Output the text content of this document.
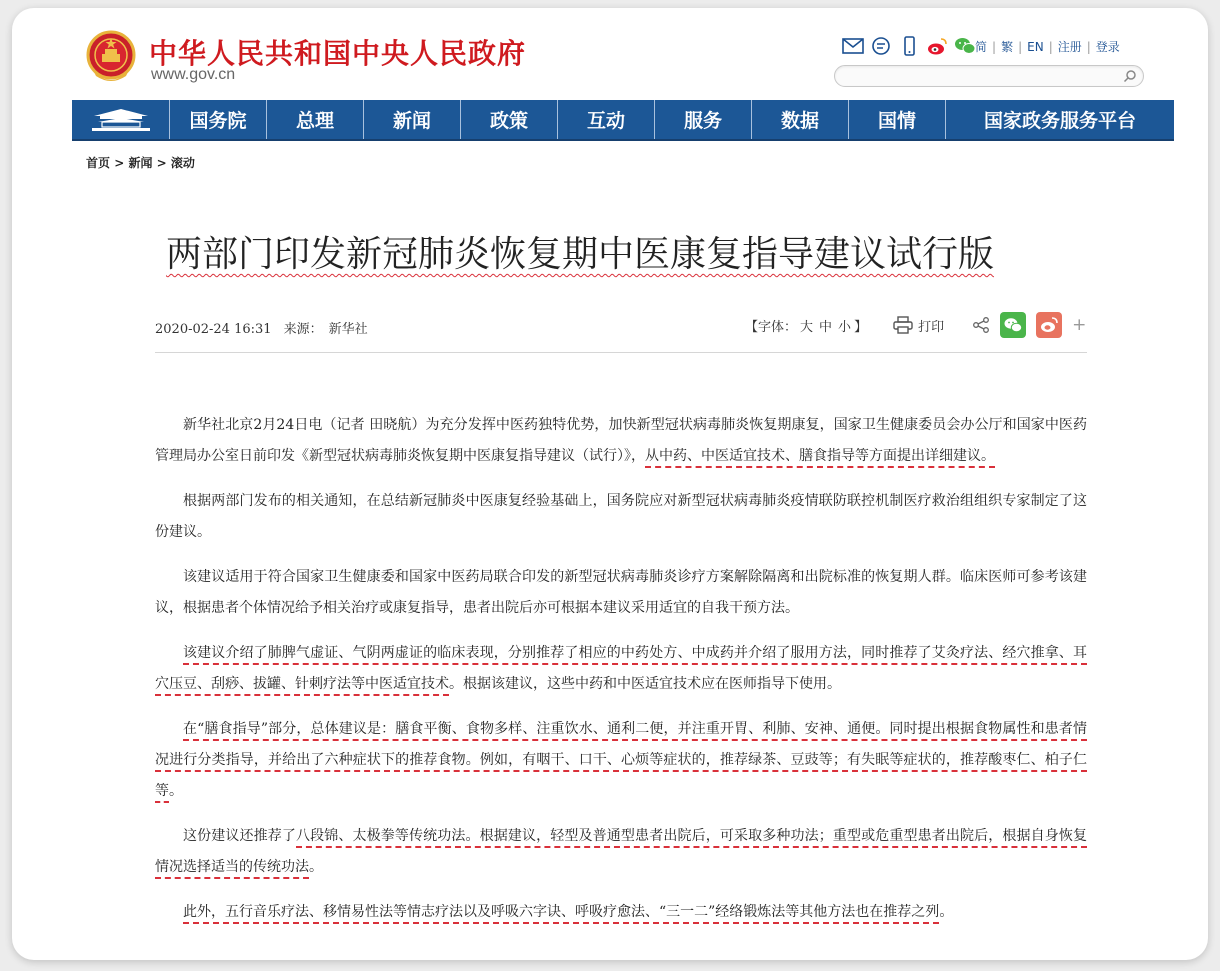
中华人民共和国中央人民政府
www.gov.cn
简 | 繁 | EN | 注册 | 登录
国务院	总理	新闻	政策	互动	服务	数据	国情	国家政务服务平台
首页 > 新闻 > 滚动
两部门印发新冠肺炎恢复期中医康复指导建议试行版
2020-02-24 16:31 来源： 新华社	【字体： 大 中 小 】	打印	+

新华社北京2月24日电（记者 田晓航）为充分发挥中医药独特优势，加快新型冠状病毒肺炎恢复期康复，国家卫生健康委员会办公厅和国家中医药管理局办公室日前印发《新型冠状病毒肺炎恢复期中医康复指导建议（试行）》，从中药、中医适宜技术、膳食指导等方面提出详细建议。

根据两部门发布的相关通知，在总结新冠肺炎中医康复经验基础上，国务院应对新型冠状病毒肺炎疫情联防联控机制医疗救治组组织专家制定了这份建议。

该建议适用于符合国家卫生健康委和国家中医药局联合印发的新型冠状病毒肺炎诊疗方案解除隔离和出院标准的恢复期人群。临床医师可参考该建议，根据患者个体情况给予相关治疗或康复指导，患者出院后亦可根据本建议采用适宜的自我干预方法。

该建议介绍了肺脾气虚证、气阴两虚证的临床表现，分别推荐了相应的中药处方、中成药并介绍了服用方法，同时推荐了艾灸疗法、经穴推拿、耳穴压豆、刮痧、拔罐、针刺疗法等中医适宜技术。根据该建议，这些中药和中医适宜技术应在医师指导下使用。

在“膳食指导”部分，总体建议是：膳食平衡、食物多样、注重饮水、通利二便，并注重开胃、利肺、安神、通便。同时提出根据食物属性和患者情况进行分类指导，并给出了六种症状下的推荐食物。例如，有咽干、口干、心烦等症状的，推荐绿茶、豆豉等；有失眠等症状的，推荐酸枣仁、柏子仁等。

这份建议还推荐了八段锦、太极拳等传统功法。根据建议，轻型及普通型患者出院后，可采取多种功法；重型或危重型患者出院后，根据自身恢复情况选择适当的传统功法。

此外，五行音乐疗法、移情易性法等情志疗法以及呼吸六字诀、呼吸疗愈法、“三一二”经络锻炼法等其他方法也在推荐之列。
